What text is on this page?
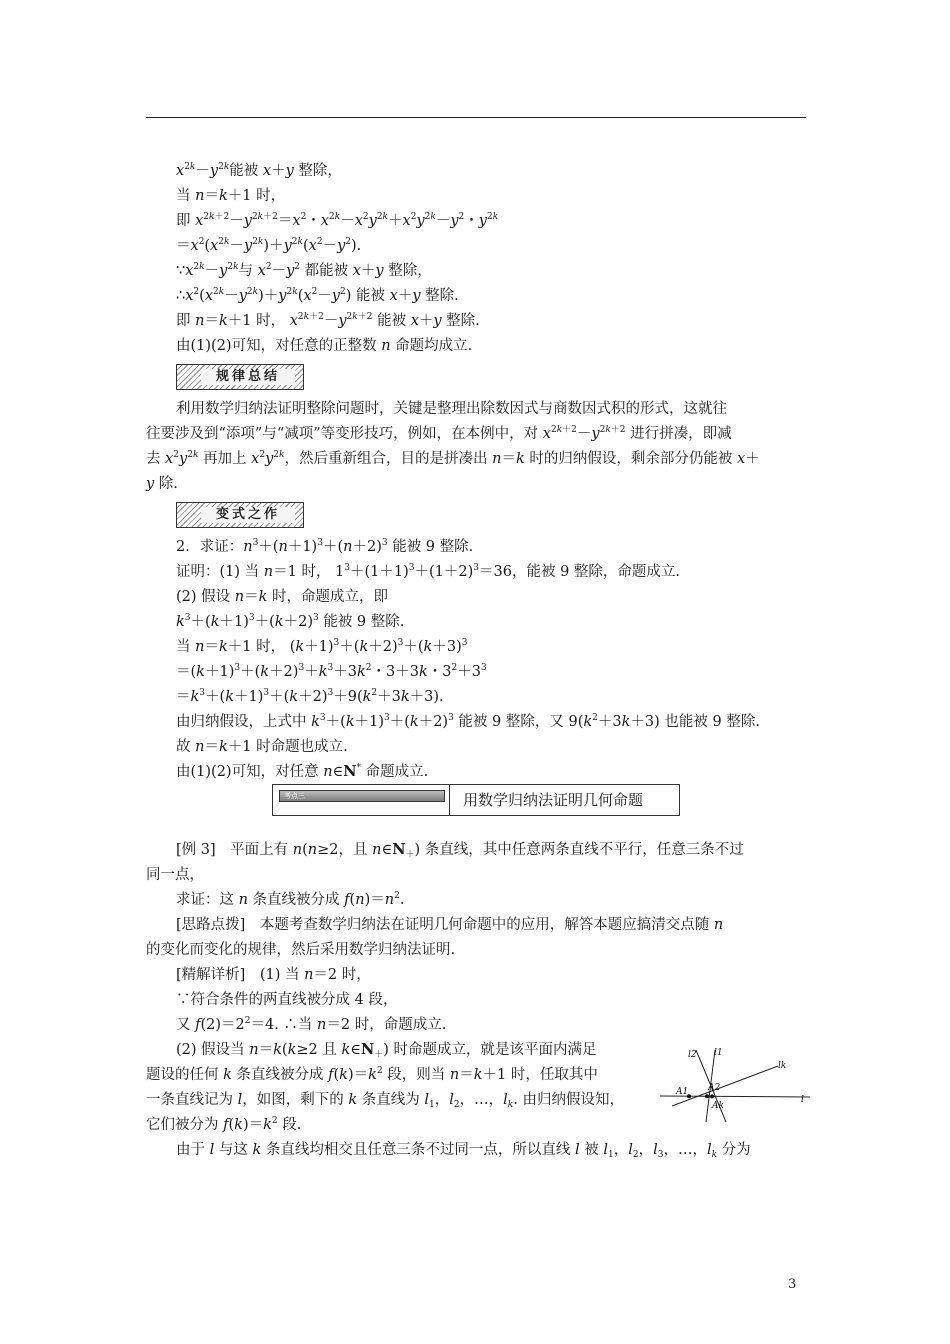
$x^{2k}-y^{2k}$能被 x＋y 整除，
当 n＝k＋1 时，
即 $x^{2k+2}-y^{2k+2}=x^2$・$x^{2k}-x^2y^{2k}+x^2y^{2k}-y^2$・$y^{2k}$
$=x^2(x^{2k}-y^{2k})+y^{2k}(x^2-y^2)$.
$\because x^{2k}-y^{2k}$与 $x^2-y^2$ 都能被 x＋y 整除，
$\therefore x^2(x^{2k}-y^{2k})+y^{2k}(x^2-y^2)$ 能被 x＋y 整除.
即 n＝k＋1 时， $x^{2k+2}-y^{2k+2}$ 能被 x＋y 整除.
由(1)(2)可知，对任意的正整数 n 命题均成立.
规律总结
利用数学归纳法证明整除问题时，关键是整理出除数因式与商数因式积的形式，这就往
往要涉及到“添项”与“减项”等变形技巧，例如，在本例中，对 $x^{2k+2}-y^{2k+2}$ 进行拼凑，即减
去 $x^2y^{2k}$ 再加上 $x^2y^{2k}$，然后重新组合，目的是拼凑出 n＝k 时的归纳假设，剩余部分仍能被 x＋
y 除.
变式之作
2．求证：$n^3+(n+1)^3+(n+2)^3$ 能被 9 整除.
证明：(1) 当 n＝1 时， $1^3+(1+1)^3+(1+2)^3=36$，能被 9 整除，命题成立.
(2) 假设 n＝k 时，命题成立，即
$k^3+(k+1)^3+(k+2)^3$ 能被 9 整除.
当 n＝k＋1 时， $(k+1)^3+(k+2)^3+(k+3)^3$
$=(k+1)^3+(k+2)^3+k^3+3k^2$・3＋3k・$3^2+3^3$
$=k^3+(k+1)^3+(k+2)^3+9(k^2+3k+3)$.
由归纳假设，上式中 $k^3+(k+1)^3+(k+2)^3$ 能被 9 整除，又 $9(k^2+3k+3)$ 也能被 9 整除.
故 n＝k＋1 时命题也成立.
由(1)(2)可知，对任意 n∈N* 命题成立.
考点三	用数学归纳法证明几何命题
[例 3]　平面上有 n(n≥2，且 $n\in N_+$) 条直线，其中任意两条直线不平行，任意三条不过
同一点，
求证：这 n 条直线被分成 $f(n)=n^2$.
[思路点拨]　本题考查数学归纳法在证明几何命题中的应用，解答本题应搞清交点随 n
的变化而变化的规律，然后采用数学归纳法证明.
[精解详析]　(1) 当 n＝2 时，
∵符合条件的两直线被分成 4 段，
又 $f(2)=2^2=4$. ∴当 n＝2 时，命题成立.
(2) 假设当 n＝k(k≥2 且 $k\in N_+$) 时命题成立，就是该平面内满足
题设的任何 k 条直线被分成 $f(k)=k^2$ 段，则当 n＝k＋1 时，任取其中
一条直线记为 l，如图，剩下的 k 条直线为 $l_1$，$l_2$，…，$l_k$. 由归纳假设知，
它们被分为 $f(k)=k^2$ 段.
由于 l 与这 k 条直线均相交且任意三条不过同一点，所以直线 l 被 $l_1$，$l_2$，$l_3$，…，$l_k$ 分为
l2 l1
lk
A1 A2
Ak
l
3
